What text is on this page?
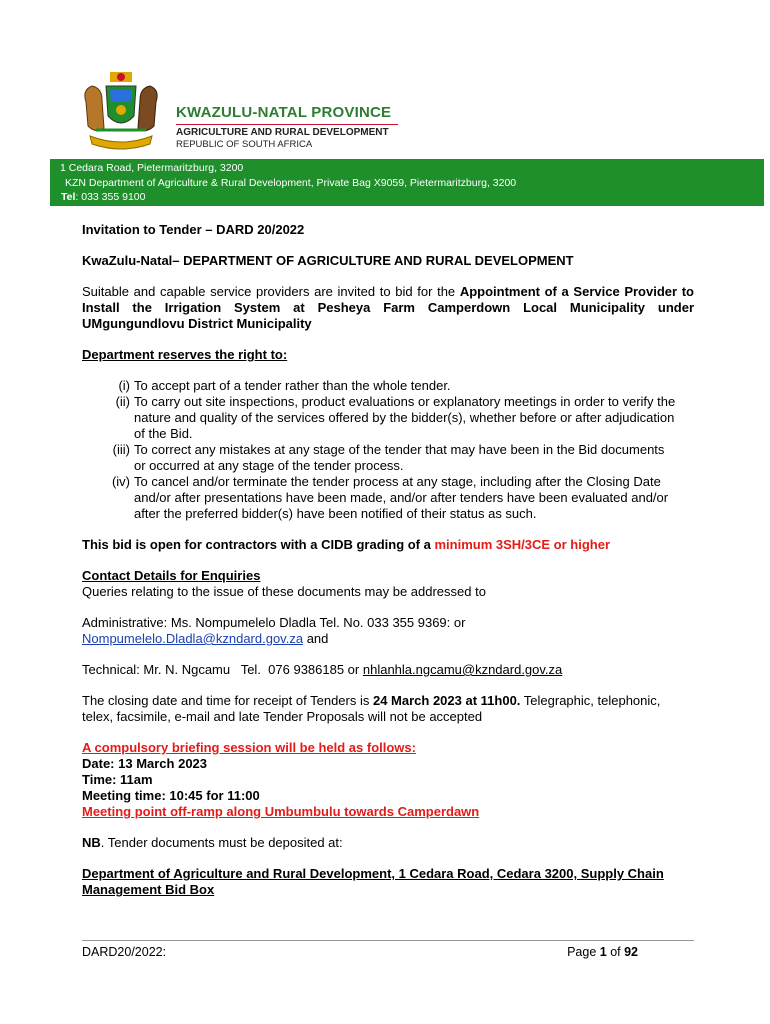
KWAZULU-NATAL PROVINCE
AGRICULTURE AND RURAL DEVELOPMENT
REPUBLIC OF SOUTH AFRICA
1 Cedara Road, Pietermaritzburg, 3200
KZN Department of Agriculture & Rural Development, Private Bag X9059, Pietermaritzburg, 3200
Tel: 033 355 9100

Invitation to Tender – DARD 20/2022

KwaZulu-Natal– DEPARTMENT OF AGRICULTURE AND RURAL DEVELOPMENT

Suitable and capable service providers are invited to bid for the Appointment of a Service Provider to Install the Irrigation System at Pesheya Farm Camperdown Local Municipality under UMgungundlovu District Municipality

Department reserves the right to:

(i) To accept part of a tender rather than the whole tender.
(ii) To carry out site inspections, product evaluations or explanatory meetings in order to verify the nature and quality of the services offered by the bidder(s), whether before or after adjudication of the Bid.
(iii) To correct any mistakes at any stage of the tender that may have been in the Bid documents or occurred at any stage of the tender process.
(iv) To cancel and/or terminate the tender process at any stage, including after the Closing Date and/or after presentations have been made, and/or after tenders have been evaluated and/or after the preferred bidder(s) have been notified of their status as such.

This bid is open for contractors with a CIDB grading of a minimum 3SH/3CE or higher

Contact Details for Enquiries

Queries relating to the issue of these documents may be addressed to

Administrative: Ms. Nompumelelo Dladla Tel. No. 033 355 9369: or
Nompumelelo.Dladla@kzndard.gov.za and

Technical: Mr. N. Ngcamu   Tel.  076 9386185 or nhlanhla.ngcamu@kzndard.gov.za

The closing date and time for receipt of Tenders is 24 March 2023 at 11h00. Telegraphic, telephonic, telex, facsimile, e-mail and late Tender Proposals will not be accepted

A compulsory briefing session will be held as follows:

Date: 13 March 2023

Time: 11am

Meeting time: 10:45 for 11:00

Meeting point off-ramp along Umbumbulu towards Camperdawn

NB. Tender documents must be deposited at:

Department of Agriculture and Rural Development, 1 Cedara Road, Cedara 3200, Supply Chain Management Bid Box

DARD20/2022:	Page 1 of 92
